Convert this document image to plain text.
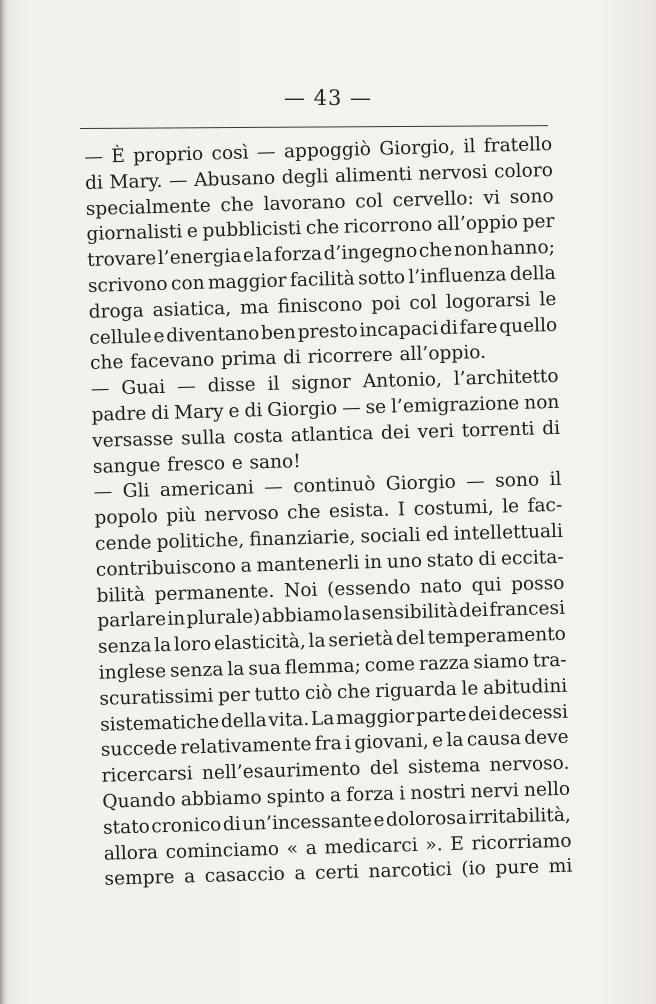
— 43 —
— È proprio così — appoggiò Giorgio, il fratello
di Mary. — Abusano degli alimenti nervosi coloro
specialmente che lavorano col cervello: vi sono
giornalisti e pubblicisti che ricorrono all’oppio per
trovare l’energia e la forza d’ingegno che non hanno;
scrivono con maggior facilità sotto l’influenza della
droga asiatica, ma finiscono poi col logorarsi le
cellule e diventano ben presto incapaci di fare quello
che facevano prima di ricorrere all’oppio.
— Guai — disse il signor Antonio, l’architetto
padre di Mary e di Giorgio — se l’emigrazione non
versasse sulla costa atlantica dei veri torrenti di
sangue fresco e sano!
— Gli americani — continuò Giorgio — sono il
popolo più nervoso che esista. I costumi, le fac-
cende politiche, finanziarie, sociali ed intellettuali
contribuiscono a mantenerli in uno stato di eccita-
bilità permanente. Noi (essendo nato qui posso
parlare in plurale) abbiamo la sensibilità dei francesi
senza la loro elasticità, la serietà del temperamento
inglese senza la sua flemma; come razza siamo tra-
scuratissimi per tutto ciò che riguarda le abitudini
sistematiche della vita. La maggior parte dei decessi
succede relativamente fra i giovani, e la causa deve
ricercarsi nell’esaurimento del sistema nervoso.
Quando abbiamo spinto a forza i nostri nervi nello
stato cronico di un’incessante e dolorosa irritabilità,
allora cominciamo « a medicarci ». E ricorriamo
sempre a casaccio a certi narcotici (io pure mi
